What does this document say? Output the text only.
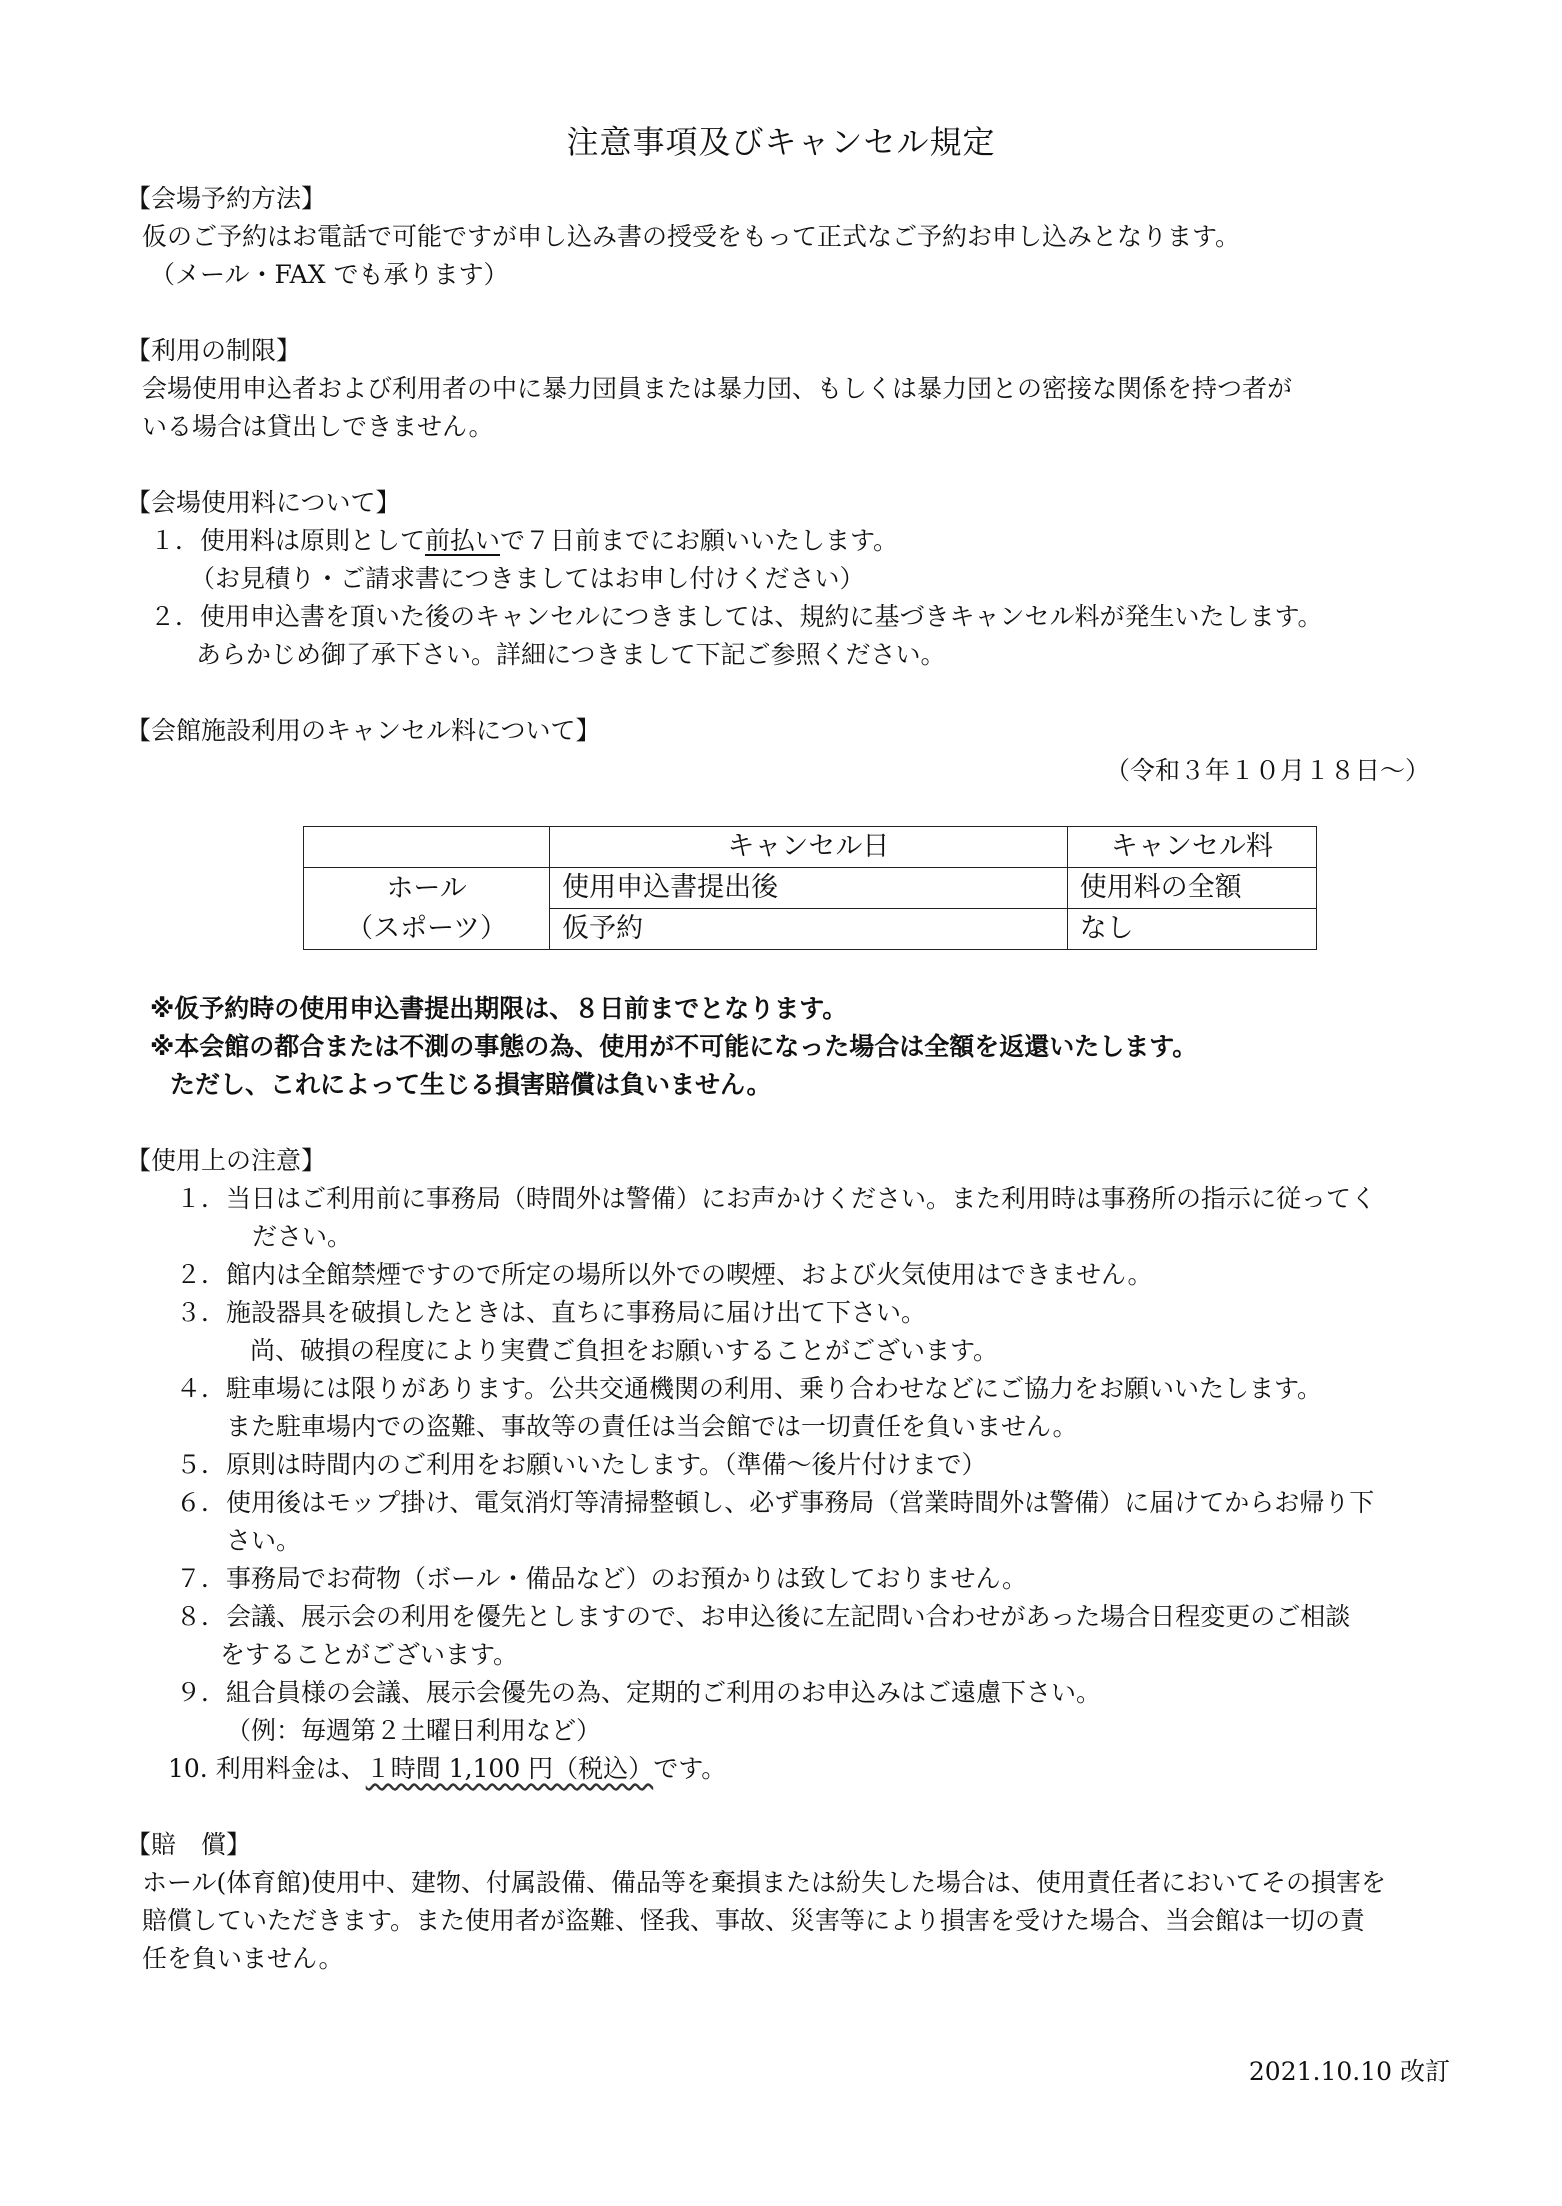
注意事項及びキャンセル規定
【会場予約方法】
仮のご予約はお電話で可能ですが申し込み書の授受をもって正式なご予約お申し込みとなります。
（メール・FAX でも承ります）
【利用の制限】
会場使用申込者および利用者の中に暴力団員または暴力団、もしくは暴力団との密接な関係を持つ者が
いる場合は貸出しできません。
【会場使用料について】
１．使用料は原則として前払いで７日前までにお願いいたします。
（お見積り・ご請求書につきましてはお申し付けください）
２．使用申込書を頂いた後のキャンセルにつきましては、規約に基づきキャンセル料が発生いたします。
あらかじめ御了承下さい。詳細につきまして下記ご参照ください。
【会館施設利用のキャンセル料について】
（令和３年１０月１８日～）
	キャンセル日	キャンセル料

ホール
（スポーツ）	使用申込書提出後	使用料の全額
	仮予約	なし
※仮予約時の使用申込書提出期限は、８日前までとなります。
※本会館の都合または不測の事態の為、使用が不可能になった場合は全額を返還いたします。
ただし、これによって生じる損害賠償は負いません。
【使用上の注意】
１．当日はご利用前に事務局（時間外は警備）にお声かけください。また利用時は事務所の指示に従ってく
ださい。
２．館内は全館禁煙ですので所定の場所以外での喫煙、および火気使用はできません。
３．施設器具を破損したときは、直ちに事務局に届け出て下さい。
尚、破損の程度により実費ご負担をお願いすることがございます。
４．駐車場には限りがあります。公共交通機関の利用、乗り合わせなどにご協力をお願いいたします。
また駐車場内での盗難、事故等の責任は当会館では一切責任を負いません。
５．原則は時間内のご利用をお願いいたします。（準備～後片付けまで）
６．使用後はモップ掛け、電気消灯等清掃整頓し、必ず事務局（営業時間外は警備）に届けてからお帰り下
さい。
７．事務局でお荷物（ボール・備品など）のお預かりは致しておりません。
８．会議、展示会の利用を優先としますので、お申込後に左記問い合わせがあった場合日程変更のご相談
をすることがございます。
９．組合員様の会議、展示会優先の為、定期的ご利用のお申込みはご遠慮下さい。
（例：毎週第２土曜日利用など）
10. 利用料金は、１時間 1,100 円（税込）です。
【賠　償】
ホール(体育館)使用中、建物、付属設備、備品等を棄損または紛失した場合は、使用責任者においてその損害を
賠償していただきます。また使用者が盗難、怪我、事故、災害等により損害を受けた場合、当会館は一切の責
任を負いません。
2021.10.10 改訂
